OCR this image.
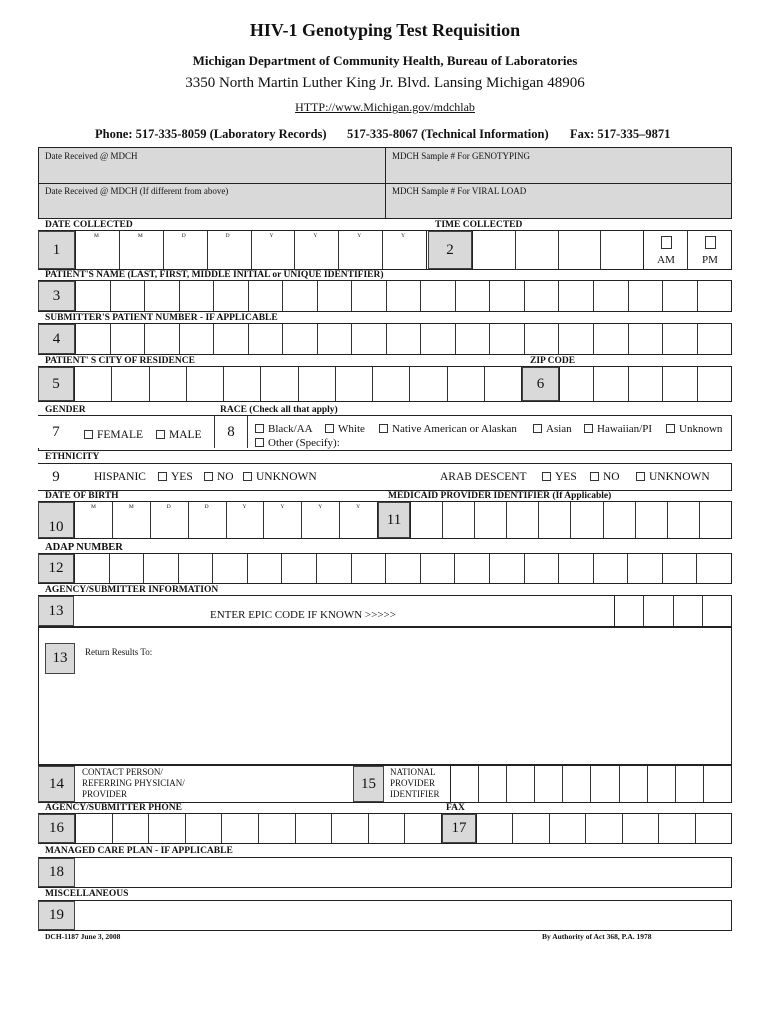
HIV-1 Genotyping Test Requisition
Michigan Department of Community Health, Bureau of Laboratories
3350 North Martin Luther King Jr. Blvd. Lansing Michigan 48906
HTTP://www.Michigan.gov/mdchlab
Phone: 517-335-8059 (Laboratory Records) 517-335-8067 (Technical Information) Fax: 517-335–9871
Date Received @ MDCH	MDCH Sample # For GENOTYPING
Date Received @ MDCH (If different from above)	MDCH Sample # For VIRAL LOAD
DATE COLLECTED	TIME COLLECTED
1
M	M	D	D	Y	Y	Y	Y
2
AM	PM
PATIENT'S NAME (LAST, FIRST, MIDDLE INITIAL or UNIQUE IDENTIFIER)
3
SUBMITTER'S PATIENT NUMBER - IF APPLICABLE
4
PATIENT' S CITY OF RESIDENCE	ZIP CODE
5	6
GENDER	RACE (Check all that apply)
7	FEMALE	MALE	8	Black/AA	White	Native American or Alaskan	Asian	Hawaiian/PI	Unknown
Other (Specify):
ETHNICITY
9	HISPANIC	YES	NO	UNKNOWN	ARAB DESCENT	YES	NO	UNKNOWN
DATE OF BIRTH	MEDICAID PROVIDER IDENTIFIER (If Applicable)
10
M	M	D	D	Y	Y	Y	Y
11
ADAP NUMBER
12
AGENCY/SUBMITTER INFORMATION
13	ENTER EPIC CODE IF KNOWN >>>>>
13	Return Results To:
14
CONTACT PERSON/
REFERRING PHYSICIAN/
PROVIDER
15
NATIONAL
PROVIDER
IDENTIFIER
AGENCY/SUBMITTER PHONE	FAX
16	17
MANAGED CARE PLAN - IF APPLICABLE
18
MISCELLANEOUS
19
DCH-1187 June 3, 2008	By Authority of Act 368, P.A. 1978
